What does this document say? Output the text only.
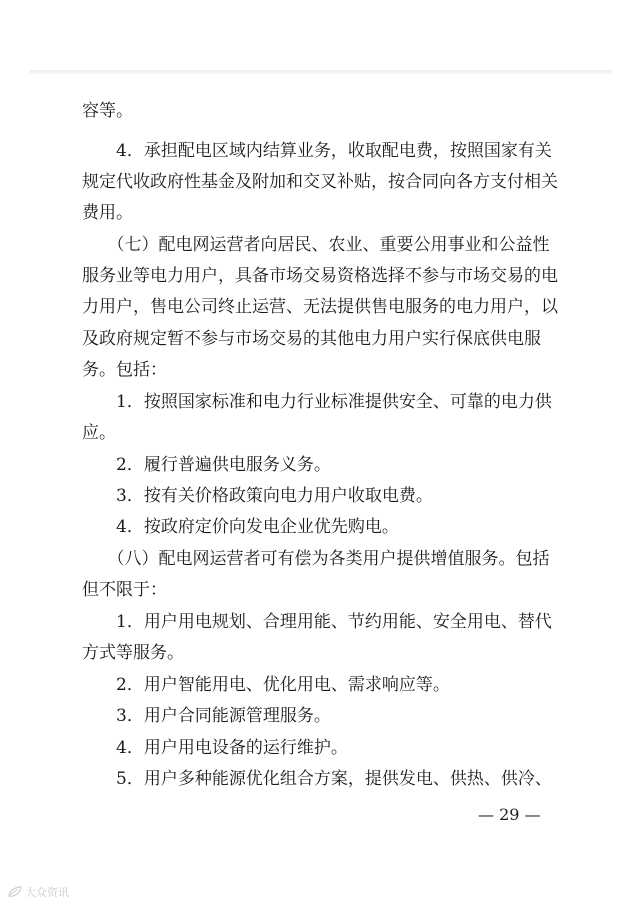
容等。
　　4．承担配电区域内结算业务，收取配电费，按照国家有关
规定代收政府性基金及附加和交叉补贴，按合同向各方支付相关
费用。
　　（七）配电网运营者向居民、农业、重要公用事业和公益性
服务业等电力用户，具备市场交易资格选择不参与市场交易的电
力用户，售电公司终止运营、无法提供售电服务的电力用户，以
及政府规定暂不参与市场交易的其他电力用户实行保底供电服
务。包括：
　　1．按照国家标准和电力行业标准提供安全、可靠的电力供
应。
　　2．履行普遍供电服务义务。
　　3．按有关价格政策向电力用户收取电费。
　　4．按政府定价向发电企业优先购电。
　　（八）配电网运营者可有偿为各类用户提供增值服务。包括
但不限于：
　　1．用户用电规划、合理用能、节约用能、安全用电、替代
方式等服务。
　　2．用户智能用电、优化用电、需求响应等。
　　3．用户合同能源管理服务。
　　4．用户用电设备的运行维护。
　　5．用户多种能源优化组合方案，提供发电、供热、供冷、
— 29 —
大众资讯
